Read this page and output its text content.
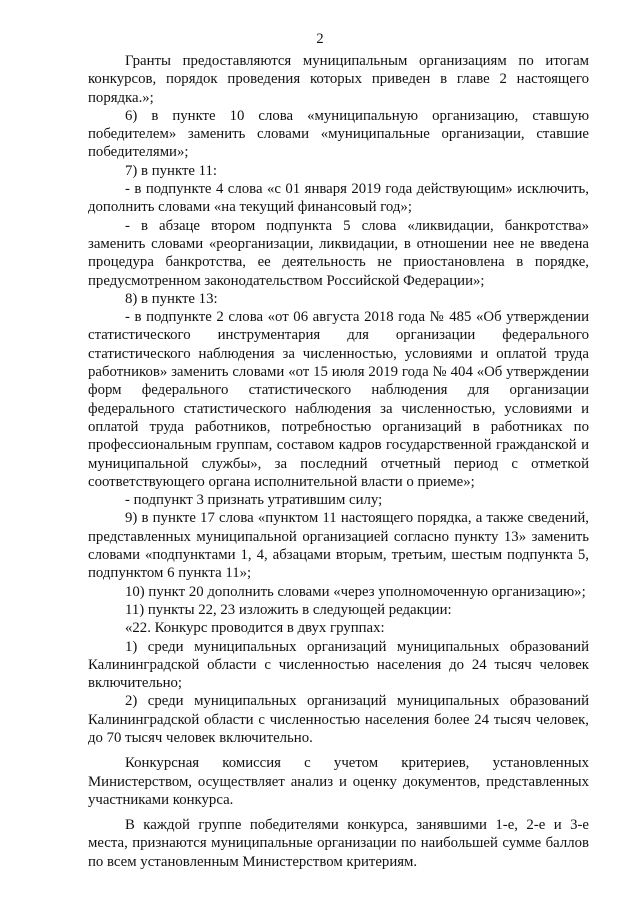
2

Гранты предоставляются муниципальным организациям по итогам конкурсов, порядок проведения которых приведен в главе 2 настоящего порядка.»;

6) в пункте 10 слова «муниципальную организацию, ставшую победителем» заменить словами «муниципальные организации, ставшие победителями»;

7) в пункте 11:

- в подпункте 4 слова «с 01 января 2019 года действующим» исключить, дополнить словами «на текущий финансовый год»;

- в абзаце втором подпункта 5 слова «ликвидации, банкротства» заменить словами «реорганизации, ликвидации, в отношении нее не введена процедура банкротства, ее деятельность не приостановлена в порядке, предусмотренном законодательством Российской Федерации»;

8) в пункте 13:

- в подпункте 2 слова «от 06 августа 2018 года № 485 «Об утверждении статистического инструментария для организации федерального статистического наблюдения за численностью, условиями и оплатой труда работников» заменить словами «от 15 июля 2019 года № 404 «Об утверждении форм федерального статистического наблюдения для организации федерального статистического наблюдения за численностью, условиями и оплатой труда работников, потребностью организаций в работниках по профессиональным группам, составом кадров государственной гражданской и муниципальной службы», за последний отчетный период с отметкой соответствующего органа исполнительной власти о приеме»;

- подпункт 3 признать утратившим силу;

9) в пункте 17 слова «пунктом 11 настоящего порядка, а также сведений, представленных муниципальной организацией согласно пункту 13» заменить словами «подпунктами 1, 4, абзацами вторым, третьим, шестым подпункта 5, подпунктом 6 пункта 11»;

10) пункт 20 дополнить словами «через уполномоченную организацию»;

11) пункты 22, 23 изложить в следующей редакции:

«22. Конкурс проводится в двух группах:

1) среди муниципальных организаций муниципальных образований Калининградской области с численностью населения до 24 тысяч человек включительно;

2) среди муниципальных организаций муниципальных образований Калининградской области с численностью населения более 24 тысяч человек, до 70 тысяч человек включительно.

Конкурсная комиссия с учетом критериев, установленных Министерством, осуществляет анализ и оценку документов, представленных участниками конкурса.

В каждой группе победителями конкурса, занявшими 1-е, 2-е и 3-е места, признаются муниципальные организации по наибольшей сумме баллов по всем установленным Министерством критериям.
